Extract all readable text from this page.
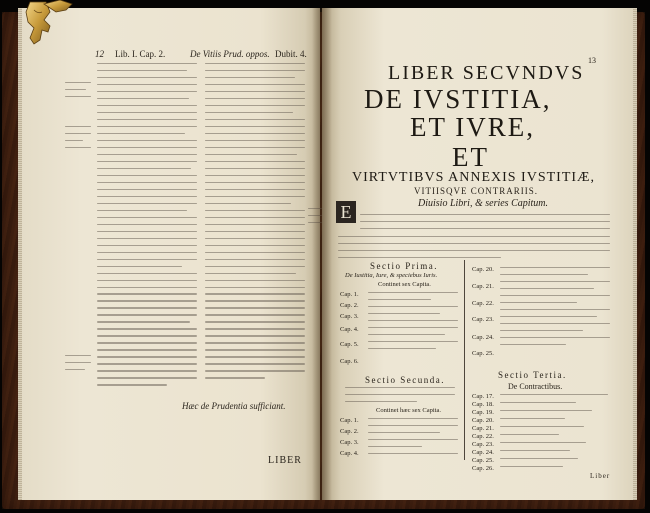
12 Lib. I. Cap. 2.	De Vitiis Prud. oppos. Dubit. 4.
Hæc de Prudentia sufficiant.
LIBER
13
LIBER SECVNDVS
DE IVSTITIA,
ET IVRE,
ET
VIRTVTIBVS ANNEXIS IVSTITIÆ,
VITIISQVE CONTRARIIS.
Diuisio Libri, & series Capitum.
E
Sectio Prima.
De Iustitia, Iure, & speciebus Iuris.
Continet sex Capita.
Cap. 1.
Cap. 2.
Cap. 3.
Cap. 4.
Cap. 5.
Cap. 6.
Sectio Secunda.
Continet hæc sex Capita.
Cap. 1.
Cap. 2.
Cap. 3.
Cap. 4.
Cap. 20.
Cap. 21.
Cap. 22.
Cap. 23.
Cap. 24.
Cap. 25.
Sectio Tertia.
De Contractibus.
Cap. 17.
Cap. 18.
Cap. 19.
Cap. 20.
Cap. 21.
Cap. 22.
Cap. 23.
Cap. 24.
Cap. 25.
Cap. 26.
Liber
